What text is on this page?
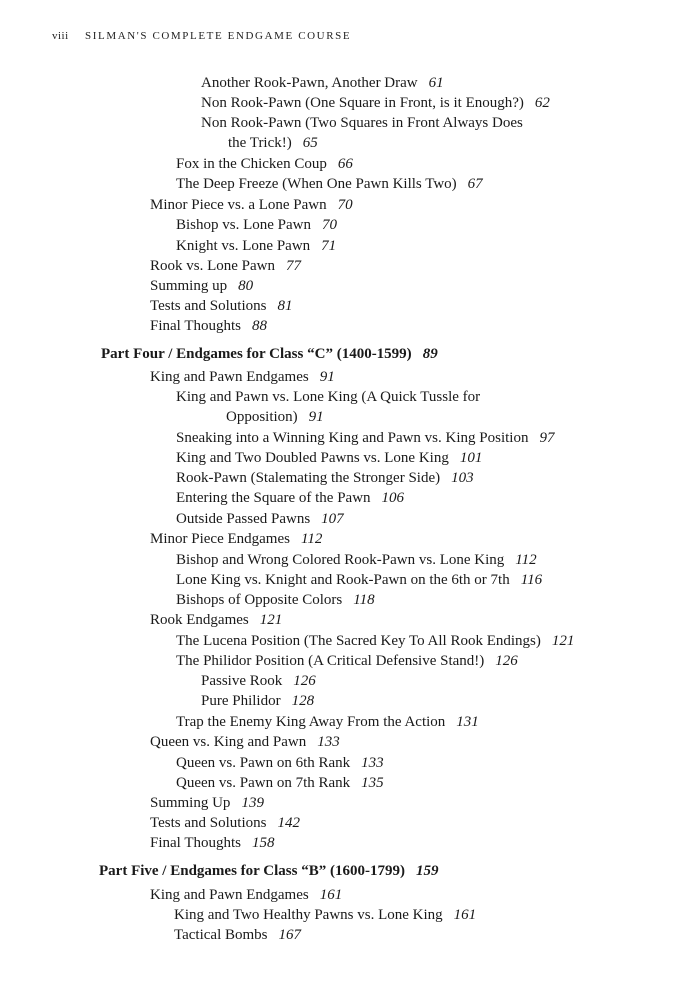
viii SILMAN'S COMPLETE ENDGAME COURSE
Another Rook-Pawn, Another Draw 61
Non Rook-Pawn (One Square in Front, is it Enough?) 62
Non Rook-Pawn (Two Squares in Front Always Does
the Trick!) 65
Fox in the Chicken Coup 66
The Deep Freeze (When One Pawn Kills Two) 67
Minor Piece vs. a Lone Pawn 70
Bishop vs. Lone Pawn 70
Knight vs. Lone Pawn 71
Rook vs. Lone Pawn 77
Summing up 80
Tests and Solutions 81
Final Thoughts 88
Part Four / Endgames for Class “C” (1400-1599) 89
King and Pawn Endgames 91
King and Pawn vs. Lone King (A Quick Tussle for
Opposition) 91
Sneaking into a Winning King and Pawn vs. King Position 97
King and Two Doubled Pawns vs. Lone King 101
Rook-Pawn (Stalemating the Stronger Side) 103
Entering the Square of the Pawn 106
Outside Passed Pawns 107
Minor Piece Endgames 112
Bishop and Wrong Colored Rook-Pawn vs. Lone King 112
Lone King vs. Knight and Rook-Pawn on the 6th or 7th 116
Bishops of Opposite Colors 118
Rook Endgames 121
The Lucena Position (The Sacred Key To All Rook Endings) 121
The Philidor Position (A Critical Defensive Stand!) 126
Passive Rook 126
Pure Philidor 128
Trap the Enemy King Away From the Action 131
Queen vs. King and Pawn 133
Queen vs. Pawn on 6th Rank 133
Queen vs. Pawn on 7th Rank 135
Summing Up 139
Tests and Solutions 142
Final Thoughts 158
Part Five / Endgames for Class “B” (1600-1799) 159
King and Pawn Endgames 161
King and Two Healthy Pawns vs. Lone King 161
Tactical Bombs 167
